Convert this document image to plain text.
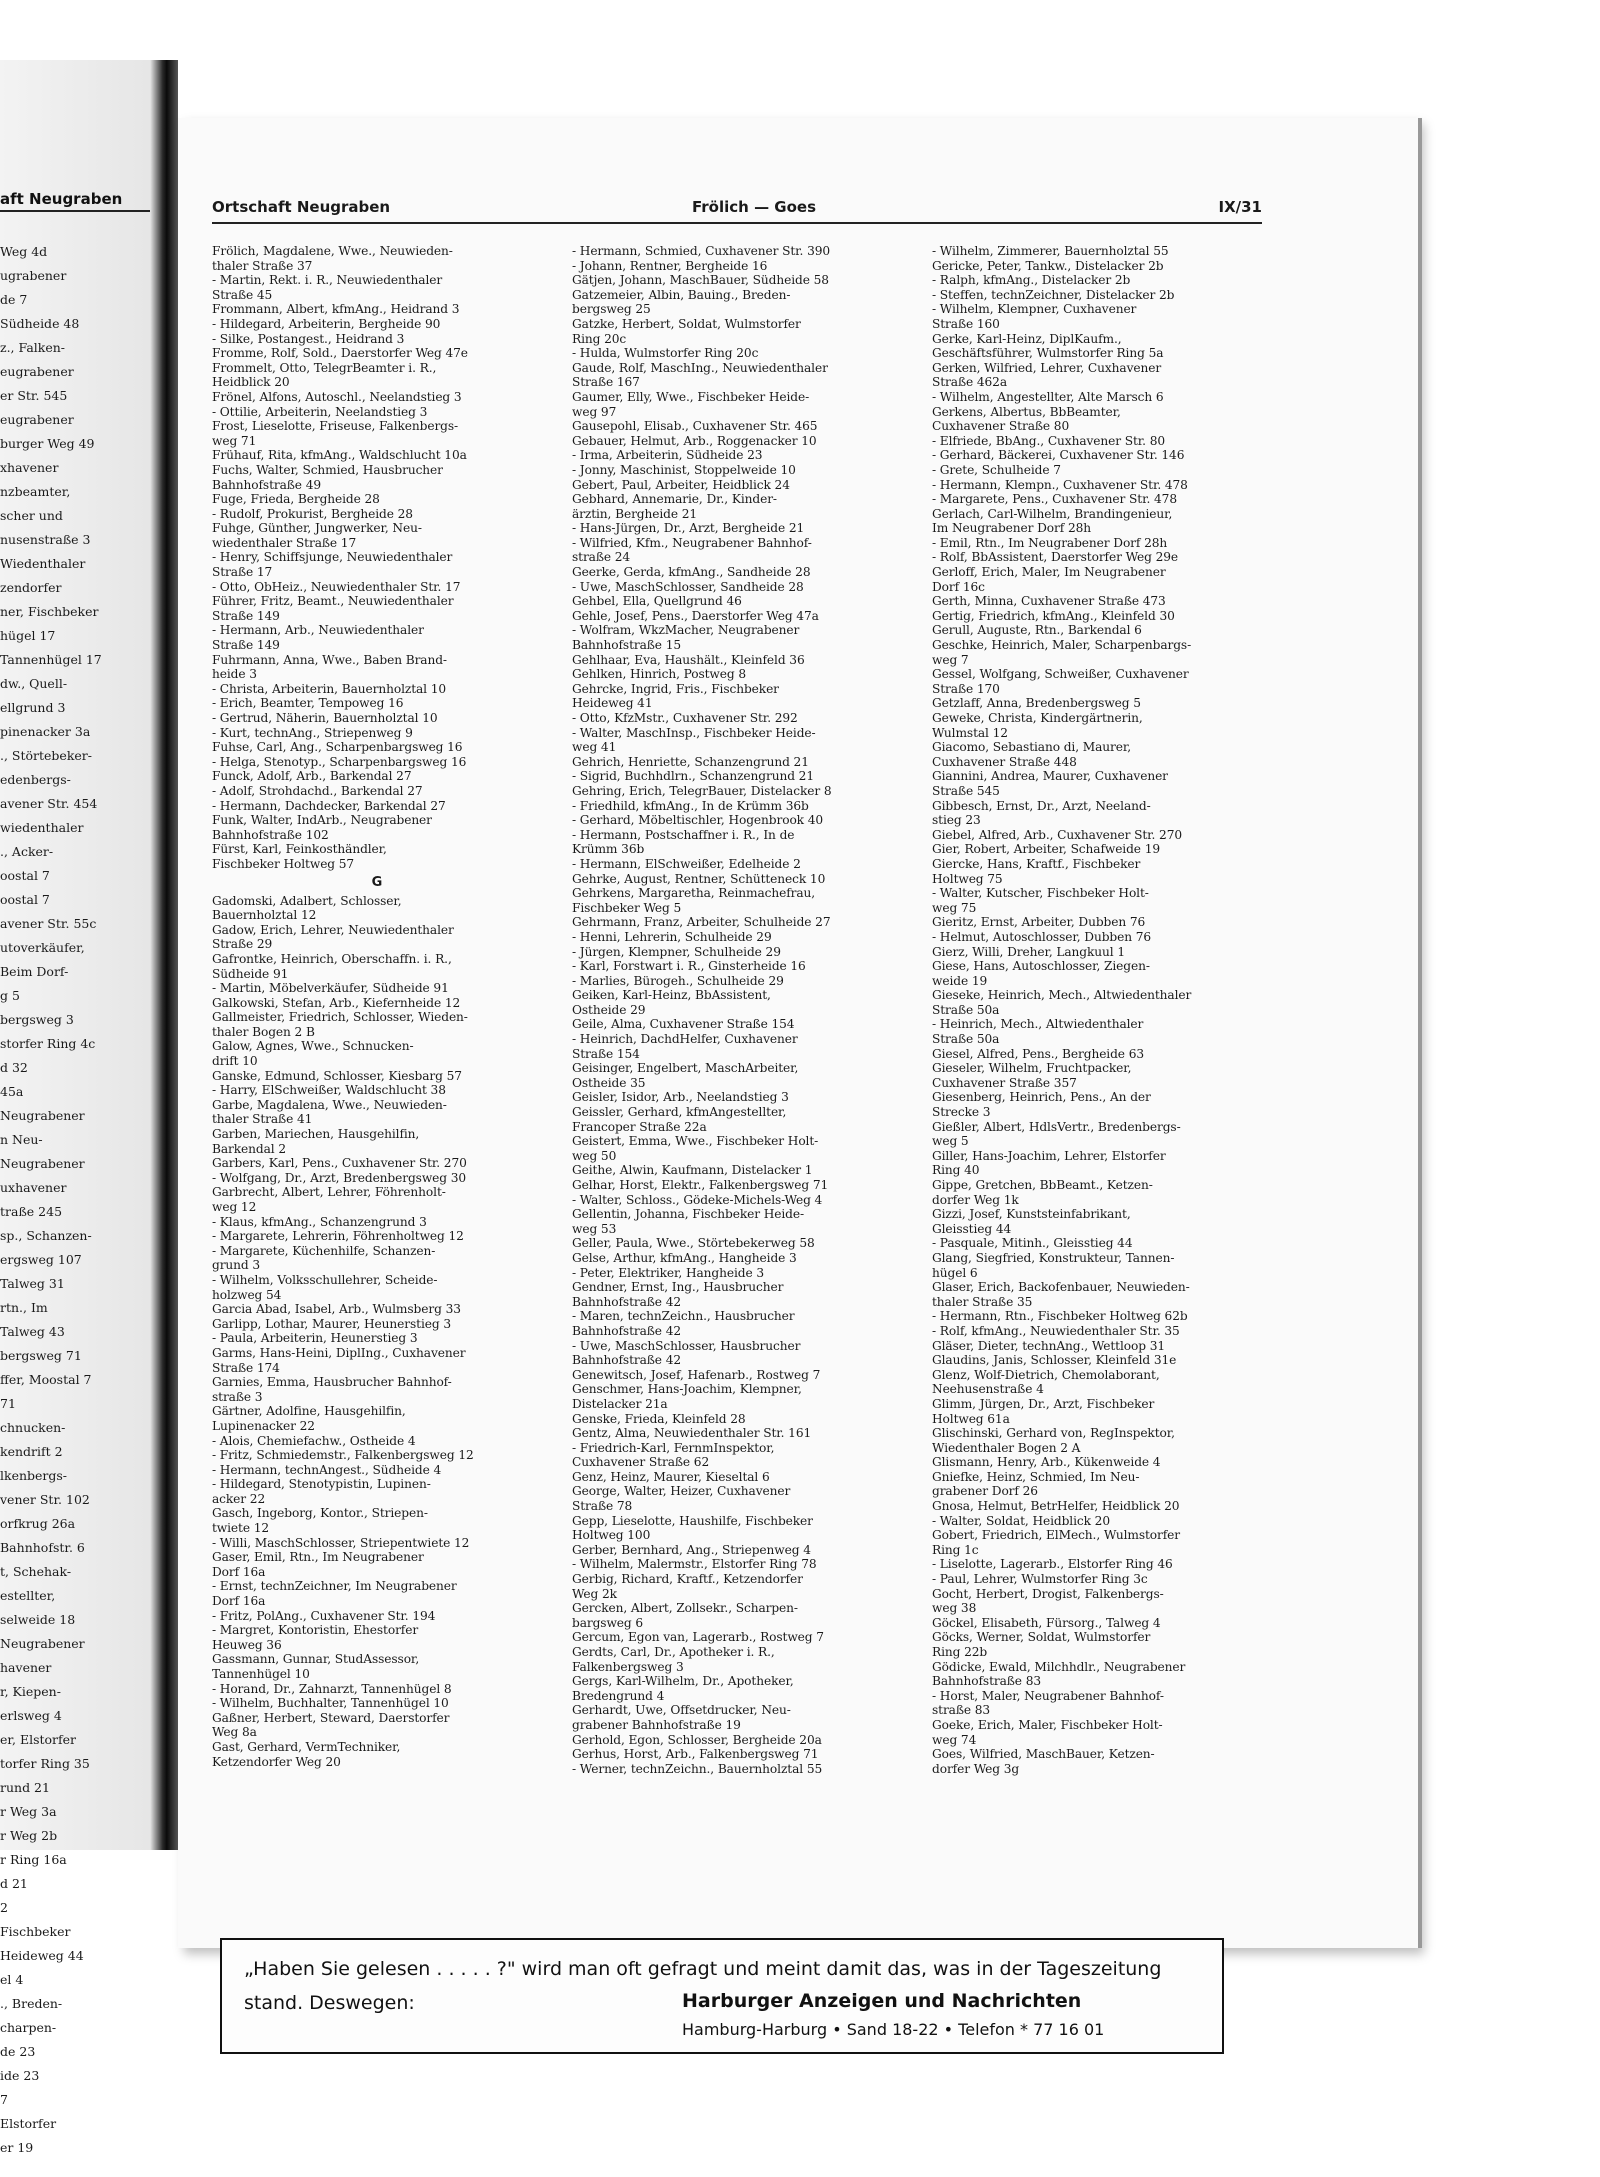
aft Neugraben
Weg 4d
ugrabener
de 7
Südheide 48
z., Falken-
eugrabener
er Str. 545
eugrabener
burger Weg 49
xhavener
nzbeamter,
scher und
nusenstraße 3
Wiedenthaler
zendorfer
ner, Fischbeker
hügel 17
Tannenhügel 17
dw., Quell-
ellgrund 3
pinenacker 3a
., Störtebeker-
edenbergs-
avener Str. 454
wiedenthaler
., Acker-
oostal 7
oostal 7
avener Str. 55c
utoverkäufer,
Beim Dorf-
g 5
bergsweg 3
storfer Ring 4c
d 32
45a
Neugrabener
n Neu-
Neugrabener
uxhavener
traße 245
sp., Schanzen-
ergsweg 107
Talweg 31
rtn., Im
Talweg 43
bergsweg 71
ffer, Moostal 7
71
chnucken-
kendrift 2
lkenbergs-
vener Str. 102
orfkrug 26a
Bahnhofstr. 6
t, Schehak-
estellter,
selweide 18
Neugrabener
havener
r, Kiepen-
erlsweg 4
er, Elstorfer
torfer Ring 35
rund 21
r Weg 3a
r Weg 2b
r Ring 16a
d 21
2
Fischbeker
Heideweg 44
el 4
., Breden-
charpen-
de 23
ide 23
7
Elstorfer
er 19
Ortschaft Neugraben	Frölich — Goes	IX/31
Frölich, Magdalene, Wwe., Neuwieden-
thaler Straße 37
- Martin, Rekt. i. R., Neuwiedenthaler
Straße 45
Frommann, Albert, kfmAng., Heidrand 3
- Hildegard, Arbeiterin, Bergheide 90
- Silke, Postangest., Heidrand 3
Fromme, Rolf, Sold., Daerstorfer Weg 47e
Frommelt, Otto, TelegrBeamter i. R.,
Heidblick 20
Frönel, Alfons, Autoschl., Neelandstieg 3
- Ottilie, Arbeiterin, Neelandstieg 3
Frost, Lieselotte, Friseuse, Falkenbergs-
weg 71
Frühauf, Rita, kfmAng., Waldschlucht 10a
Fuchs, Walter, Schmied, Hausbrucher
Bahnhofstraße 49
Fuge, Frieda, Bergheide 28
- Rudolf, Prokurist, Bergheide 28
Fuhge, Günther, Jungwerker, Neu-
wiedenthaler Straße 17
- Henry, Schiffsjunge, Neuwiedenthaler
Straße 17
- Otto, ObHeiz., Neuwiedenthaler Str. 17
Führer, Fritz, Beamt., Neuwiedenthaler
Straße 149
- Hermann, Arb., Neuwiedenthaler
Straße 149
Fuhrmann, Anna, Wwe., Baben Brand-
heide 3
- Christa, Arbeiterin, Bauernholztal 10
- Erich, Beamter, Tempoweg 16
- Gertrud, Näherin, Bauernholztal 10
- Kurt, technAng., Striepenweg 9
Fuhse, Carl, Ang., Scharpenbargsweg 16
- Helga, Stenotyp., Scharpenbargsweg 16
Funck, Adolf, Arb., Barkendal 27
- Adolf, Strohdachd., Barkendal 27
- Hermann, Dachdecker, Barkendal 27
Funk, Walter, IndArb., Neugrabener
Bahnhofstraße 102
Fürst, Karl, Feinkosthändler,
Fischbeker Holtweg 57
G
Gadomski, Adalbert, Schlosser,
Bauernholztal 12
Gadow, Erich, Lehrer, Neuwiedenthaler
Straße 29
Gafrontke, Heinrich, Oberschaffn. i. R.,
Südheide 91
- Martin, Möbelverkäufer, Südheide 91
Galkowski, Stefan, Arb., Kiefernheide 12
Gallmeister, Friedrich, Schlosser, Wieden-
thaler Bogen 2 B
Galow, Agnes, Wwe., Schnucken-
drift 10
Ganske, Edmund, Schlosser, Kiesbarg 57
- Harry, ElSchweißer, Waldschlucht 38
Garbe, Magdalena, Wwe., Neuwieden-
thaler Straße 41
Garben, Mariechen, Hausgehilfin,
Barkendal 2
Garbers, Karl, Pens., Cuxhavener Str. 270
- Wolfgang, Dr., Arzt, Bredenbergsweg 30
Garbrecht, Albert, Lehrer, Föhrenholt-
weg 12
- Klaus, kfmAng., Schanzengrund 3
- Margarete, Lehrerin, Föhrenholtweg 12
- Margarete, Küchenhilfe, Schanzen-
grund 3
- Wilhelm, Volksschullehrer, Scheide-
holzweg 54
Garcia Abad, Isabel, Arb., Wulmsberg 33
Garlipp, Lothar, Maurer, Heunerstieg 3
- Paula, Arbeiterin, Heunerstieg 3
Garms, Hans-Heini, DiplIng., Cuxhavener
Straße 174
Garnies, Emma, Hausbrucher Bahnhof-
straße 3
Gärtner, Adolfine, Hausgehilfin,
Lupinenacker 22
- Alois, Chemiefachw., Ostheide 4
- Fritz, Schmiedemstr., Falkenbergsweg 12
- Hermann, technAngest., Südheide 4
- Hildegard, Stenotypistin, Lupinen-
acker 22
Gasch, Ingeborg, Kontor., Striepen-
twiete 12
- Willi, MaschSchlosser, Striepentwiete 12
Gaser, Emil, Rtn., Im Neugrabener
Dorf 16a
- Ernst, technZeichner, Im Neugrabener
Dorf 16a
- Fritz, PolAng., Cuxhavener Str. 194
- Margret, Kontoristin, Ehestorfer
Heuweg 36
Gassmann, Gunnar, StudAssessor,
Tannenhügel 10
- Horand, Dr., Zahnarzt, Tannenhügel 8
- Wilhelm, Buchhalter, Tannenhügel 10
Gaßner, Herbert, Steward, Daerstorfer
Weg 8a
Gast, Gerhard, VermTechniker,
Ketzendorfer Weg 20
- Hermann, Schmied, Cuxhavener Str. 390
- Johann, Rentner, Bergheide 16
Gätjen, Johann, MaschBauer, Südheide 58
Gatzemeier, Albin, Bauing., Breden-
bergsweg 25
Gatzke, Herbert, Soldat, Wulmstorfer
Ring 20c
- Hulda, Wulmstorfer Ring 20c
Gaude, Rolf, MaschIng., Neuwiedenthaler
Straße 167
Gaumer, Elly, Wwe., Fischbeker Heide-
weg 97
Gausepohl, Elisab., Cuxhavener Str. 465
Gebauer, Helmut, Arb., Roggenacker 10
- Irma, Arbeiterin, Südheide 23
- Jonny, Maschinist, Stoppelweide 10
Gebert, Paul, Arbeiter, Heidblick 24
Gebhard, Annemarie, Dr., Kinder-
ärztin, Bergheide 21
- Hans-Jürgen, Dr., Arzt, Bergheide 21
- Wilfried, Kfm., Neugrabener Bahnhof-
straße 24
Geerke, Gerda, kfmAng., Sandheide 28
- Uwe, MaschSchlosser, Sandheide 28
Gehbel, Ella, Quellgrund 46
Gehle, Josef, Pens., Daerstorfer Weg 47a
- Wolfram, WkzMacher, Neugrabener
Bahnhofstraße 15
Gehlhaar, Eva, Haushält., Kleinfeld 36
Gehlken, Hinrich, Postweg 8
Gehrcke, Ingrid, Fris., Fischbeker
Heideweg 41
- Otto, KfzMstr., Cuxhavener Str. 292
- Walter, MaschInsp., Fischbeker Heide-
weg 41
Gehrich, Henriette, Schanzengrund 21
- Sigrid, Buchhdlrn., Schanzengrund 21
Gehring, Erich, TelegrBauer, Distelacker 8
- Friedhild, kfmAng., In de Krümm 36b
- Gerhard, Möbeltischler, Hogenbrook 40
- Hermann, Postschaffner i. R., In de
Krümm 36b
- Hermann, ElSchweißer, Edelheide 2
Gehrke, August, Rentner, Schütteneck 10
Gehrkens, Margaretha, Reinmachefrau,
Fischbeker Weg 5
Gehrmann, Franz, Arbeiter, Schulheide 27
- Henni, Lehrerin, Schulheide 29
- Jürgen, Klempner, Schulheide 29
- Karl, Forstwart i. R., Ginsterheide 16
- Marlies, Bürogeh., Schulheide 29
Geiken, Karl-Heinz, BbAssistent,
Ostheide 29
Geile, Alma, Cuxhavener Straße 154
- Heinrich, DachdHelfer, Cuxhavener
Straße 154
Geisinger, Engelbert, MaschArbeiter,
Ostheide 35
Geisler, Isidor, Arb., Neelandstieg 3
Geissler, Gerhard, kfmAngestellter,
Francoper Straße 22a
Geistert, Emma, Wwe., Fischbeker Holt-
weg 50
Geithe, Alwin, Kaufmann, Distelacker 1
Gelhar, Horst, Elektr., Falkenbergsweg 71
- Walter, Schloss., Gödeke-Michels-Weg 4
Gellentin, Johanna, Fischbeker Heide-
weg 53
Geller, Paula, Wwe., Störtebekerweg 58
Gelse, Arthur, kfmAng., Hangheide 3
- Peter, Elektriker, Hangheide 3
Gendner, Ernst, Ing., Hausbrucher
Bahnhofstraße 42
- Maren, technZeichn., Hausbrucher
Bahnhofstraße 42
- Uwe, MaschSchlosser, Hausbrucher
Bahnhofstraße 42
Genewitsch, Josef, Hafenarb., Rostweg 7
Genschmer, Hans-Joachim, Klempner,
Distelacker 21a
Genske, Frieda, Kleinfeld 28
Gentz, Alma, Neuwiedenthaler Str. 161
- Friedrich-Karl, FernmInspektor,
Cuxhavener Straße 62
Genz, Heinz, Maurer, Kieseltal 6
George, Walter, Heizer, Cuxhavener
Straße 78
Gepp, Lieselotte, Haushilfe, Fischbeker
Holtweg 100
Gerber, Bernhard, Ang., Striepenweg 4
- Wilhelm, Malermstr., Elstorfer Ring 78
Gerbig, Richard, Kraftf., Ketzendorfer
Weg 2k
Gercken, Albert, Zollsekr., Scharpen-
bargsweg 6
Gercum, Egon van, Lagerarb., Rostweg 7
Gerdts, Carl, Dr., Apotheker i. R.,
Falkenbergsweg 3
Gergs, Karl-Wilhelm, Dr., Apotheker,
Bredengrund 4
Gerhardt, Uwe, Offsetdrucker, Neu-
grabener Bahnhofstraße 19
Gerhold, Egon, Schlosser, Bergheide 20a
Gerhus, Horst, Arb., Falkenbergsweg 71
- Werner, technZeichn., Bauernholztal 55
- Wilhelm, Zimmerer, Bauernholztal 55
Gericke, Peter, Tankw., Distelacker 2b
- Ralph, kfmAng., Distelacker 2b
- Steffen, technZeichner, Distelacker 2b
- Wilhelm, Klempner, Cuxhavener
Straße 160
Gerke, Karl-Heinz, DiplKaufm.,
Geschäftsführer, Wulmstorfer Ring 5a
Gerken, Wilfried, Lehrer, Cuxhavener
Straße 462a
- Wilhelm, Angestellter, Alte Marsch 6
Gerkens, Albertus, BbBeamter,
Cuxhavener Straße 80
- Elfriede, BbAng., Cuxhavener Str. 80
- Gerhard, Bäckerei, Cuxhavener Str. 146
- Grete, Schulheide 7
- Hermann, Klempn., Cuxhavener Str. 478
- Margarete, Pens., Cuxhavener Str. 478
Gerlach, Carl-Wilhelm, Brandingenieur,
Im Neugrabener Dorf 28h
- Emil, Rtn., Im Neugrabener Dorf 28h
- Rolf, BbAssistent, Daerstorfer Weg 29e
Gerloff, Erich, Maler, Im Neugrabener
Dorf 16c
Gerth, Minna, Cuxhavener Straße 473
Gertig, Friedrich, kfmAng., Kleinfeld 30
Gerull, Auguste, Rtn., Barkendal 6
Geschke, Heinrich, Maler, Scharpenbargs-
weg 7
Gessel, Wolfgang, Schweißer, Cuxhavener
Straße 170
Getzlaff, Anna, Bredenbergsweg 5
Geweke, Christa, Kindergärtnerin,
Wulmstal 12
Giacomo, Sebastiano di, Maurer,
Cuxhavener Straße 448
Giannini, Andrea, Maurer, Cuxhavener
Straße 545
Gibbesch, Ernst, Dr., Arzt, Neeland-
stieg 23
Giebel, Alfred, Arb., Cuxhavener Str. 270
Gier, Robert, Arbeiter, Schafweide 19
Giercke, Hans, Kraftf., Fischbeker
Holtweg 75
- Walter, Kutscher, Fischbeker Holt-
weg 75
Gieritz, Ernst, Arbeiter, Dubben 76
- Helmut, Autoschlosser, Dubben 76
Gierz, Willi, Dreher, Langkuul 1
Giese, Hans, Autoschlosser, Ziegen-
weide 19
Gieseke, Heinrich, Mech., Altwiedenthaler
Straße 50a
- Heinrich, Mech., Altwiedenthaler
Straße 50a
Giesel, Alfred, Pens., Bergheide 63
Gieseler, Wilhelm, Fruchtpacker,
Cuxhavener Straße 357
Giesenberg, Heinrich, Pens., An der
Strecke 3
Gießler, Albert, HdlsVertr., Bredenbergs-
weg 5
Giller, Hans-Joachim, Lehrer, Elstorfer
Ring 40
Gippe, Gretchen, BbBeamt., Ketzen-
dorfer Weg 1k
Gizzi, Josef, Kunststeinfabrikant,
Gleisstieg 44
- Pasquale, Mitinh., Gleisstieg 44
Glang, Siegfried, Konstrukteur, Tannen-
hügel 6
Glaser, Erich, Backofenbauer, Neuwieden-
thaler Straße 35
- Hermann, Rtn., Fischbeker Holtweg 62b
- Rolf, kfmAng., Neuwiedenthaler Str. 35
Gläser, Dieter, technAng., Wettloop 31
Glaudins, Janis, Schlosser, Kleinfeld 31e
Glenz, Wolf-Dietrich, Chemolaborant,
Neehusenstraße 4
Glimm, Jürgen, Dr., Arzt, Fischbeker
Holtweg 61a
Glischinski, Gerhard von, RegInspektor,
Wiedenthaler Bogen 2 A
Glismann, Henry, Arb., Kükenweide 4
Gniefke, Heinz, Schmied, Im Neu-
grabener Dorf 26
Gnosa, Helmut, BetrHelfer, Heidblick 20
- Walter, Soldat, Heidblick 20
Gobert, Friedrich, ElMech., Wulmstorfer
Ring 1c
- Liselotte, Lagerarb., Elstorfer Ring 46
- Paul, Lehrer, Wulmstorfer Ring 3c
Gocht, Herbert, Drogist, Falkenbergs-
weg 38
Göckel, Elisabeth, Fürsorg., Talweg 4
Göcks, Werner, Soldat, Wulmstorfer
Ring 22b
Gödicke, Ewald, Milchhdlr., Neugrabener
Bahnhofstraße 83
- Horst, Maler, Neugrabener Bahnhof-
straße 83
Goeke, Erich, Maler, Fischbeker Holt-
weg 74
Goes, Wilfried, MaschBauer, Ketzen-
dorfer Weg 3g
„Haben Sie gelesen . . . . . ?" wird man oft gefragt und meint damit das, was in der Tageszeitung
stand. Deswegen:	Harburger Anzeigen und Nachrichten
Hamburg-Harburg • Sand 18-22 • Telefon * 77 16 01
